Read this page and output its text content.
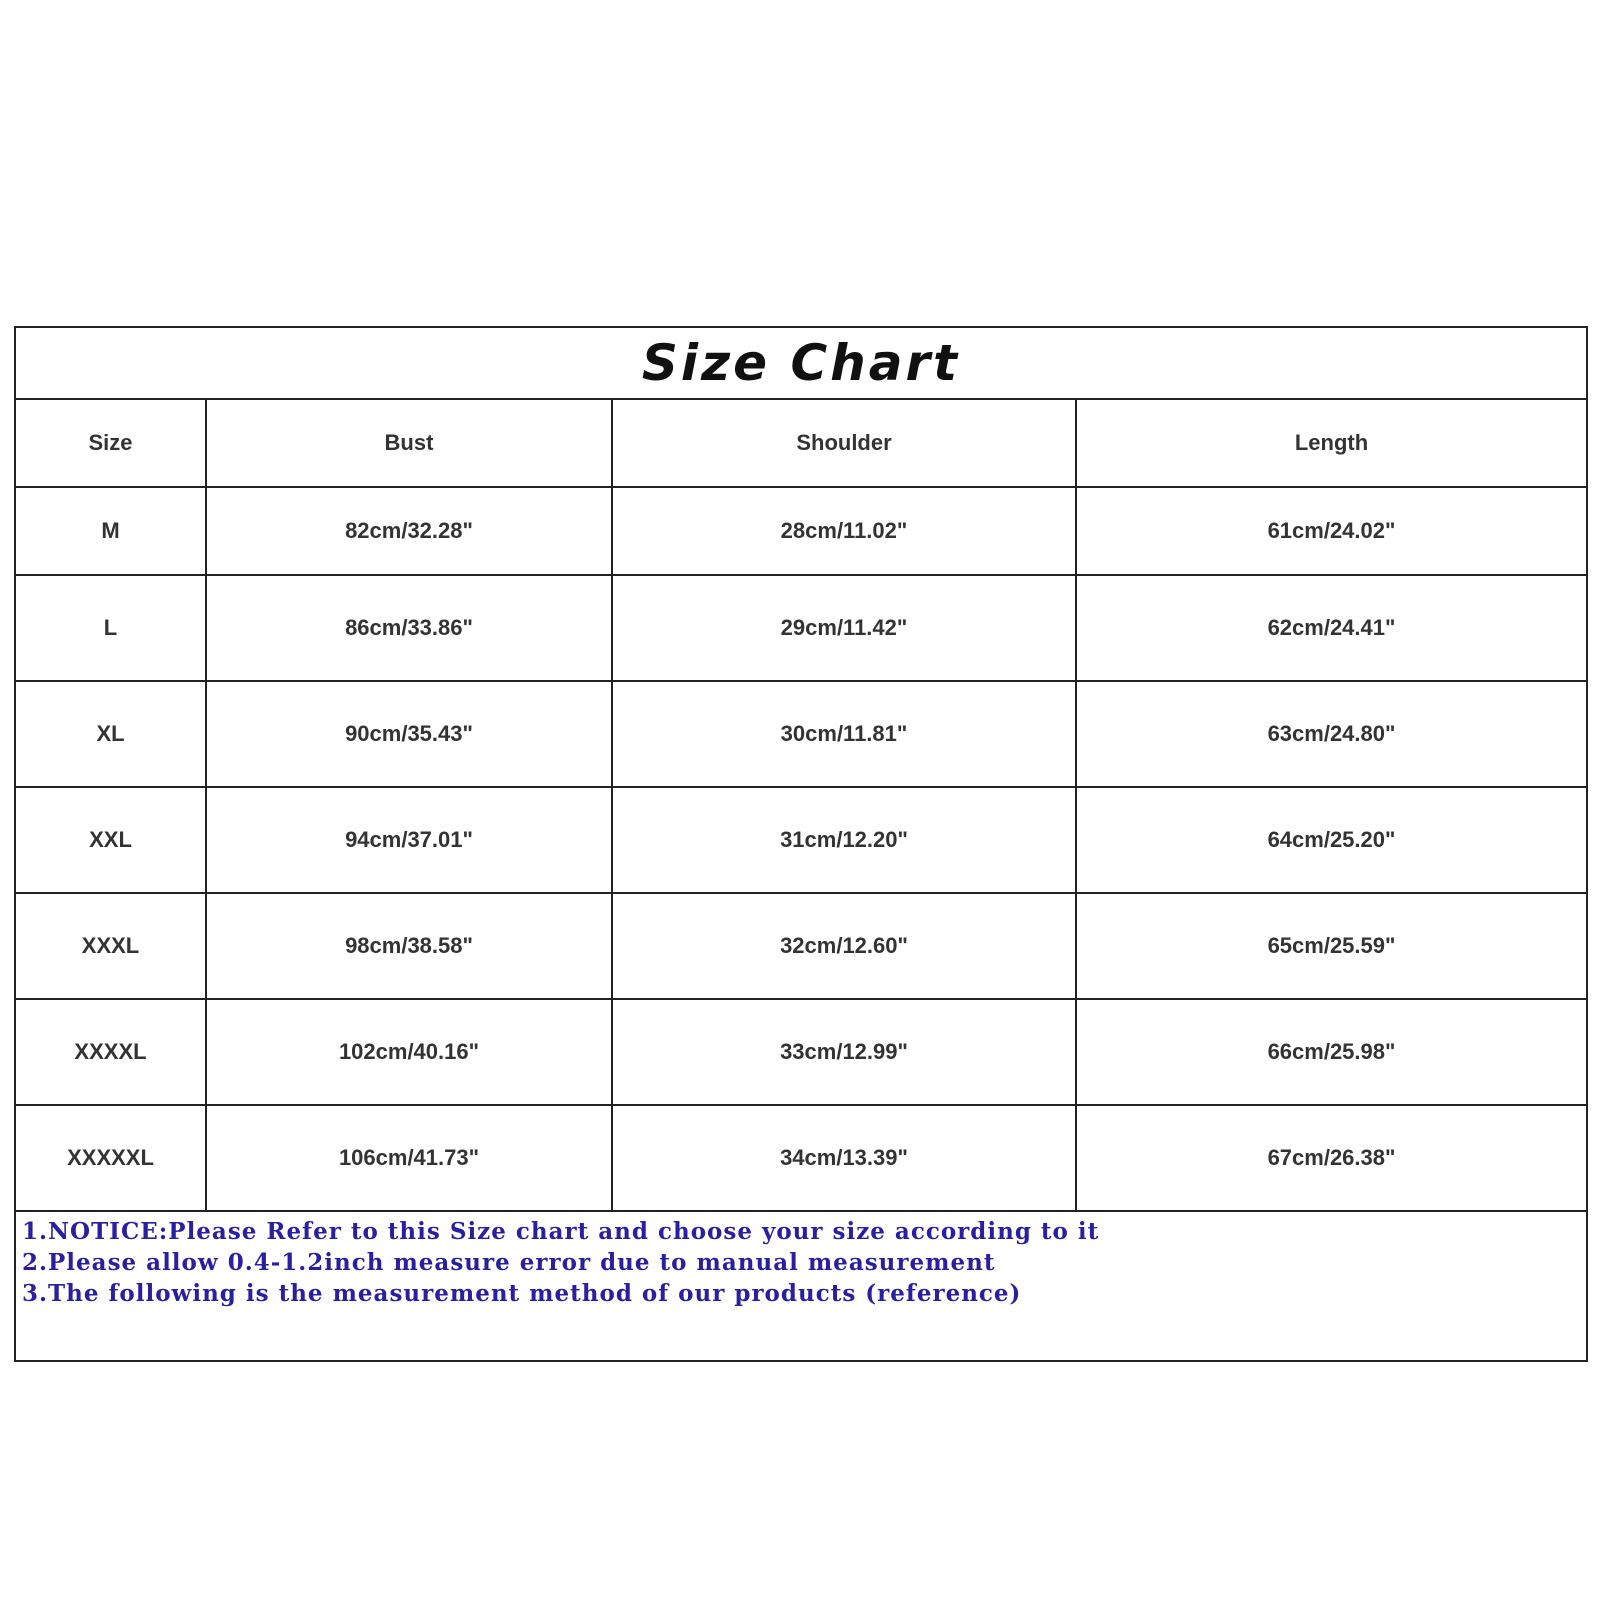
Size Chart
Size	Bust	Shoulder	Length
M	82cm/32.28"	28cm/11.02"	61cm/24.02"
L	86cm/33.86"	29cm/11.42"	62cm/24.41"
XL	90cm/35.43"	30cm/11.81"	63cm/24.80"
XXL	94cm/37.01"	31cm/12.20"	64cm/25.20"
XXXL	98cm/38.58"	32cm/12.60"	65cm/25.59"
XXXXL	102cm/40.16"	33cm/12.99"	66cm/25.98"
XXXXXL	106cm/41.73"	34cm/13.39"	67cm/26.38"
1.NOTICE:Please Refer to this Size chart and choose your size according to it
2.Please allow 0.4-1.2inch measure error due to manual measurement
3.The following is the measurement method of our products (reference)
